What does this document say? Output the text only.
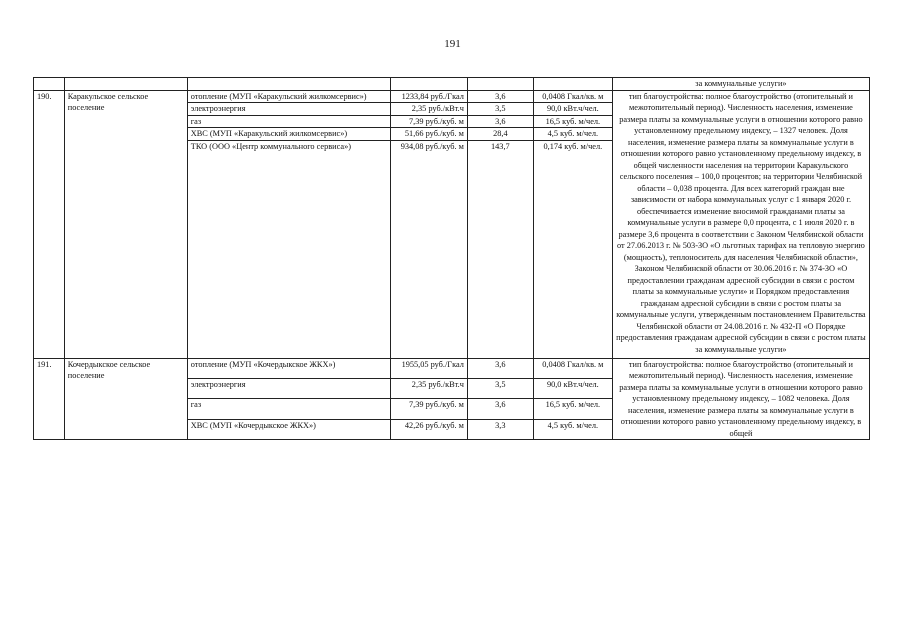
191
						за коммунальные услуги»
190.	Каракульское сельское поселение	отопление (МУП «Каракульский жилкомсервис»)	1233,84 руб./Гкал	3,6	0,0408 Гкал/кв. м	тип благоустройства: полное благоустройство (отопительный и межотопительный период). Численность населения, изменение размера платы за коммунальные услуги в отношении которого равно установленному предельному индексу, – 1327 человек. Доля населения, изменение размера платы за коммунальные услуги в отношении которого равно установленному предельному индексу, в общей численности населения на территории Каракульского сельского поселения – 100,0 процентов; на территории Челябинской области – 0,038 процента. Для всех категорий граждан вне зависимости от набора коммунальных услуг с 1 января 2020 г. обеспечивается изменение вносимой гражданами платы за коммунальные услуги в размере 0,0 процента, с 1 июля 2020 г. в размере 3,6 процента в соответствии с Законом Челябинской области от 27.06.2013 г. № 503-ЗО «О льготных тарифах на тепловую энергию (мощность), теплоноситель для населения Челябинской области», Законом Челябинской области от 30.06.2016 г. № 374-ЗО «О предоставлении гражданам адресной субсидии в связи с ростом платы за коммунальные услуги» и Порядком предоставления гражданам адресной субсидии в связи с ростом платы за коммунальные услуги, утвержденным постановлением Правительства Челябинской области от 24.08.2016 г. № 432-П «О Порядке предоставления гражданам адресной субсидии в связи с ростом платы за коммунальные услуги»
		электроэнергия	2,35 руб./кВт.ч	3,5	90,0 кВт.ч/чел.	
		газ	7,39 руб./куб. м	3,6	16,5 куб. м/чел.	
		ХВС (МУП «Каракульский жилкомсервис»)	51,66 руб./куб. м	28,4	4,5 куб. м/чел.	
		ТКО (ООО «Центр коммунального сервиса»)	934,08 руб./куб. м	143,7	0,174 куб. м/чел.	
191.	Кочердыкское сельское поселение	отопление (МУП «Кочердыкское ЖКХ»)	1955,05 руб./Гкал	3,6	0,0408 Гкал/кв. м	тип благоустройства: полное благоустройство (отопительный и межотопительный период). Численность населения, изменение размера платы за коммунальные услуги в отношении которого равно установленному предельному индексу, – 1082 человека. Доля населения, изменение размера платы за коммунальные услуги в отношении которого равно установленному предельному индексу, в общей
		электроэнергия	2,35 руб./кВт.ч	3,5	90,0 кВт.ч/чел.	
		газ	7,39 руб./куб. м	3,6	16,5 куб. м/чел.	
		ХВС (МУП «Кочердыкское ЖКХ»)	42,26 руб./куб. м	3,3	4,5 куб. м/чел.	
